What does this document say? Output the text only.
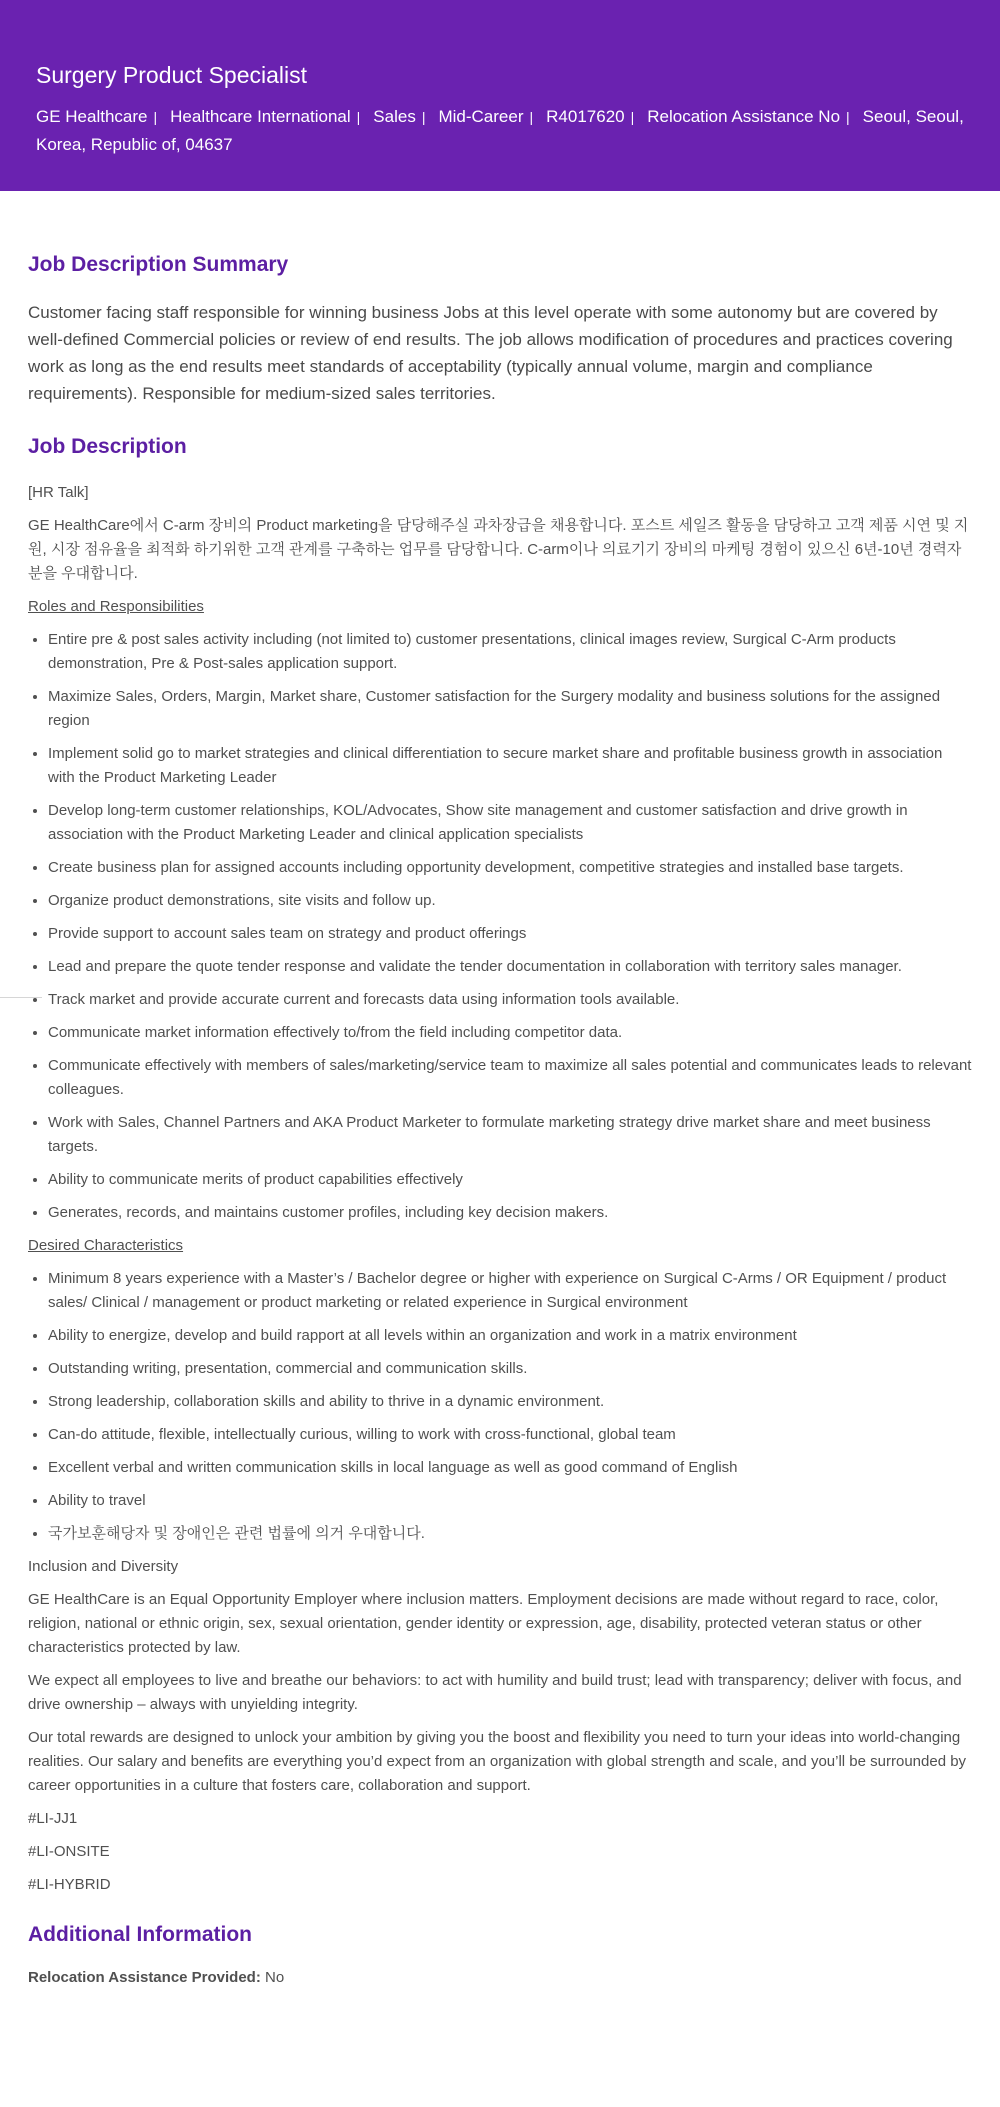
Surgery Product Specialist
GE Healthcare | Healthcare International | Sales | Mid-Career | R4017620 | Relocation Assistance No | Seoul, Seoul, Korea, Republic of, 04637
Job Description Summary

Customer facing staff responsible for winning business Jobs at this level operate with some autonomy but are covered by well-defined Commercial policies or review of end results. The job allows modification of procedures and practices covering work as long as the end results meet standards of acceptability (typically annual volume, margin and compliance requirements). Responsible for medium-sized sales territories.

Job Description

[HR Talk]

GE HealthCare에서 C-arm 장비의 Product marketing을 담당해주실 과차장급을 채용합니다. 포스트 세일즈 활동을 담당하고 고객 제품 시연 및 지원, 시장 점유율을 최적화 하기위한 고객 관계를 구축하는 업무를 담당합니다. C-arm이나 의료기기 장비의 마케팅 경험이 있으신 6년-10년 경력자 분을 우대합니다.

Roles and Responsibilities

• Entire pre & post sales activity including (not limited to) customer presentations, clinical images review, Surgical C-Arm products demonstration, Pre & Post-sales application support.
• Maximize Sales, Orders, Margin, Market share, Customer satisfaction for the Surgery modality and business solutions for the assigned region
• Implement solid go to market strategies and clinical differentiation to secure market share and profitable business growth in association with the Product Marketing Leader
• Develop long-term customer relationships, KOL/Advocates, Show site management and customer satisfaction and drive growth in association with the Product Marketing Leader and clinical application specialists
• Create business plan for assigned accounts including opportunity development, competitive strategies and installed base targets.
• Organize product demonstrations, site visits and follow up.
• Provide support to account sales team on strategy and product offerings
• Lead and prepare the quote tender response and validate the tender documentation in collaboration with territory sales manager.
• Track market and provide accurate current and forecasts data using information tools available.
• Communicate market information effectively to/from the field including competitor data.
• Communicate effectively with members of sales/marketing/service team to maximize all sales potential and communicates leads to relevant colleagues.
• Work with Sales, Channel Partners and AKA Product Marketer to formulate marketing strategy drive market share and meet business targets.
• Ability to communicate merits of product capabilities effectively
• Generates, records, and maintains customer profiles, including key decision makers.

Desired Characteristics

• Minimum 8 years experience with a Master’s / Bachelor degree or higher with experience on Surgical C-Arms / OR Equipment / product sales/ Clinical / management or product marketing or related experience in Surgical environment
• Ability to energize, develop and build rapport at all levels within an organization and work in a matrix environment
• Outstanding writing, presentation, commercial and communication skills.
• Strong leadership, collaboration skills and ability to thrive in a dynamic environment.
• Can-do attitude, flexible, intellectually curious, willing to work with cross-functional, global team
• Excellent verbal and written communication skills in local language as well as good command of English
• Ability to travel
• 국가보훈해당자 및 장애인은 관련 법률에 의거 우대합니다.

Inclusion and Diversity

GE HealthCare is an Equal Opportunity Employer where inclusion matters. Employment decisions are made without regard to race, color, religion, national or ethnic origin, sex, sexual orientation, gender identity or expression, age, disability, protected veteran status or other characteristics protected by law.

We expect all employees to live and breathe our behaviors: to act with humility and build trust; lead with transparency; deliver with focus, and drive ownership – always with unyielding integrity.

Our total rewards are designed to unlock your ambition by giving you the boost and flexibility you need to turn your ideas into world-changing realities. Our salary and benefits are everything you’d expect from an organization with global strength and scale, and you’ll be surrounded by career opportunities in a culture that fosters care, collaboration and support.

#LI-JJ1

#LI-ONSITE

#LI-HYBRID

Additional Information
Relocation Assistance Provided: No
